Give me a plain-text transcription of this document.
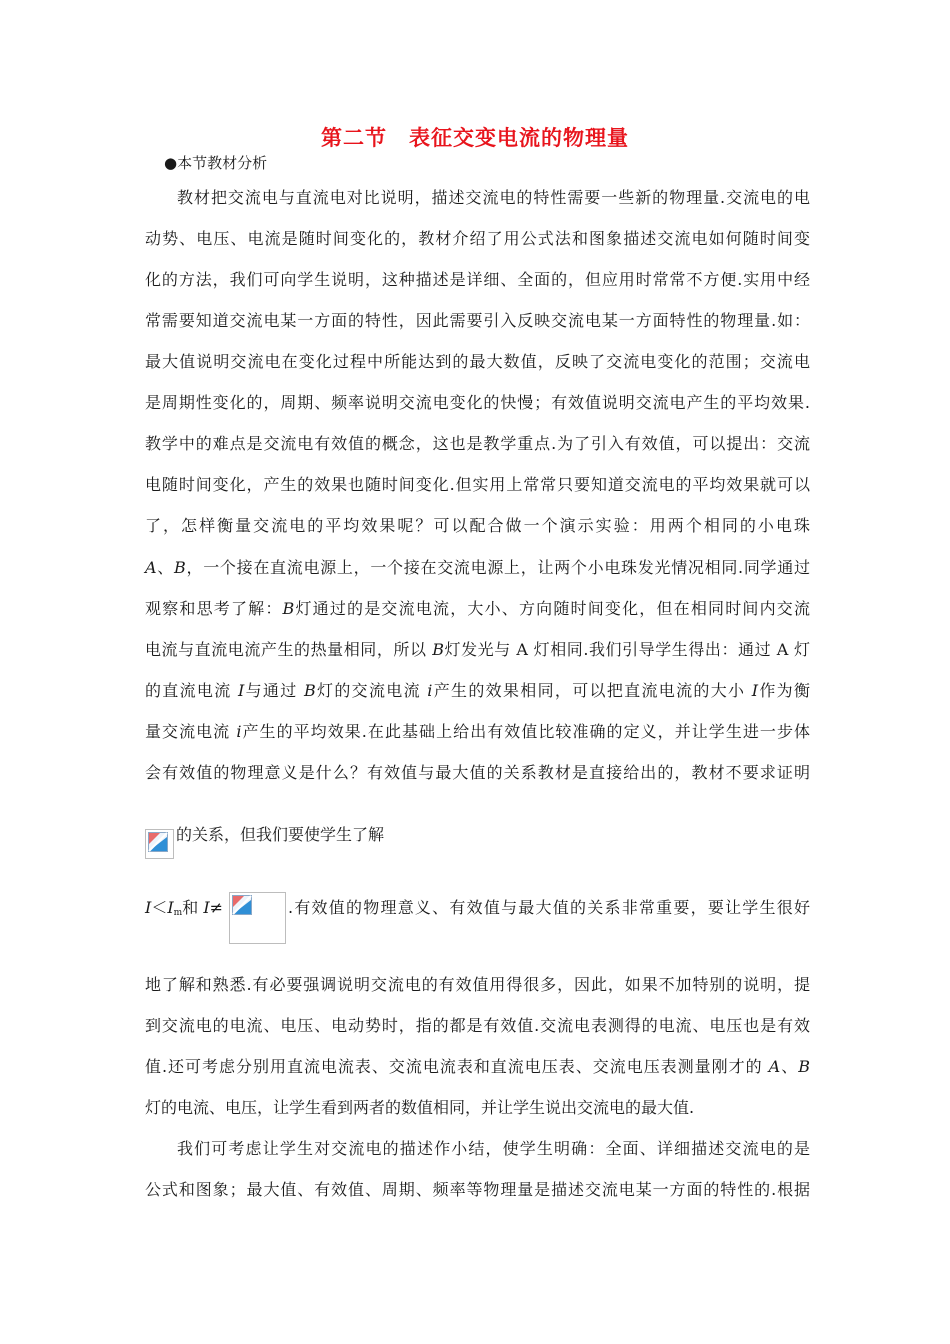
第二节　表征交变电流的物理量
●本节教材分析
教材把交流电与直流电对比说明，描述交流电的特性需要一些新的物理量.交流电的电
动势、电压、电流是随时间变化的，教材介绍了用公式法和图象描述交流电如何随时间变
化的方法，我们可向学生说明，这种描述是详细、全面的，但应用时常常不方便.实用中经
常需要知道交流电某一方面的特性，因此需要引入反映交流电某一方面特性的物理量.如：
最大值说明交流电在变化过程中所能达到的最大数值，反映了交流电变化的范围；交流电
是周期性变化的，周期、频率说明交流电变化的快慢；有效值说明交流电产生的平均效果.
教学中的难点是交流电有效值的概念，这也是教学重点.为了引入有效值，可以提出：交流
电随时间变化，产生的效果也随时间变化.但实用上常常只要知道交流电的平均效果就可以
了，怎样衡量交流电的平均效果呢？可以配合做一个演示实验：用两个相同的小电珠
A、B，一个接在直流电源上，一个接在交流电源上，让两个小电珠发光情况相同.同学通过
观察和思考了解：B灯通过的是交流电流，大小、方向随时间变化，但在相同时间内交流
电流与直流电流产生的热量相同，所以 B灯发光与 A 灯相同.我们引导学生得出：通过 A 灯
的直流电流 I与通过 B灯的交流电流 i产生的效果相同，可以把直流电流的大小 I作为衡
量交流电流 i产生的平均效果.在此基础上给出有效值比较准确的定义，并让学生进一步体
会有效值的物理意义是什么？有效值与最大值的关系教材是直接给出的，教材不要求证明
的关系，但我们要使学生了解
$I<I_m$和 I≠	.有效值的物理意义、有效值与最大值的关系非常重要，要让学生很好
地了解和熟悉.有必要强调说明交流电的有效值用得很多，因此，如果不加特别的说明，提
到交流电的电流、电压、电动势时，指的都是有效值.交流电表测得的电流、电压也是有效
值.还可考虑分别用直流电流表、交流电流表和直流电压表、交流电压表测量刚才的 A、B
灯的电流、电压，让学生看到两者的数值相同，并让学生说出交流电的最大值.
我们可考虑让学生对交流电的描述作小结，使学生明确：全面、详细描述交流电的是
公式和图象；最大值、有效值、周期、频率等物理量是描述交流电某一方面的特性的.根据
